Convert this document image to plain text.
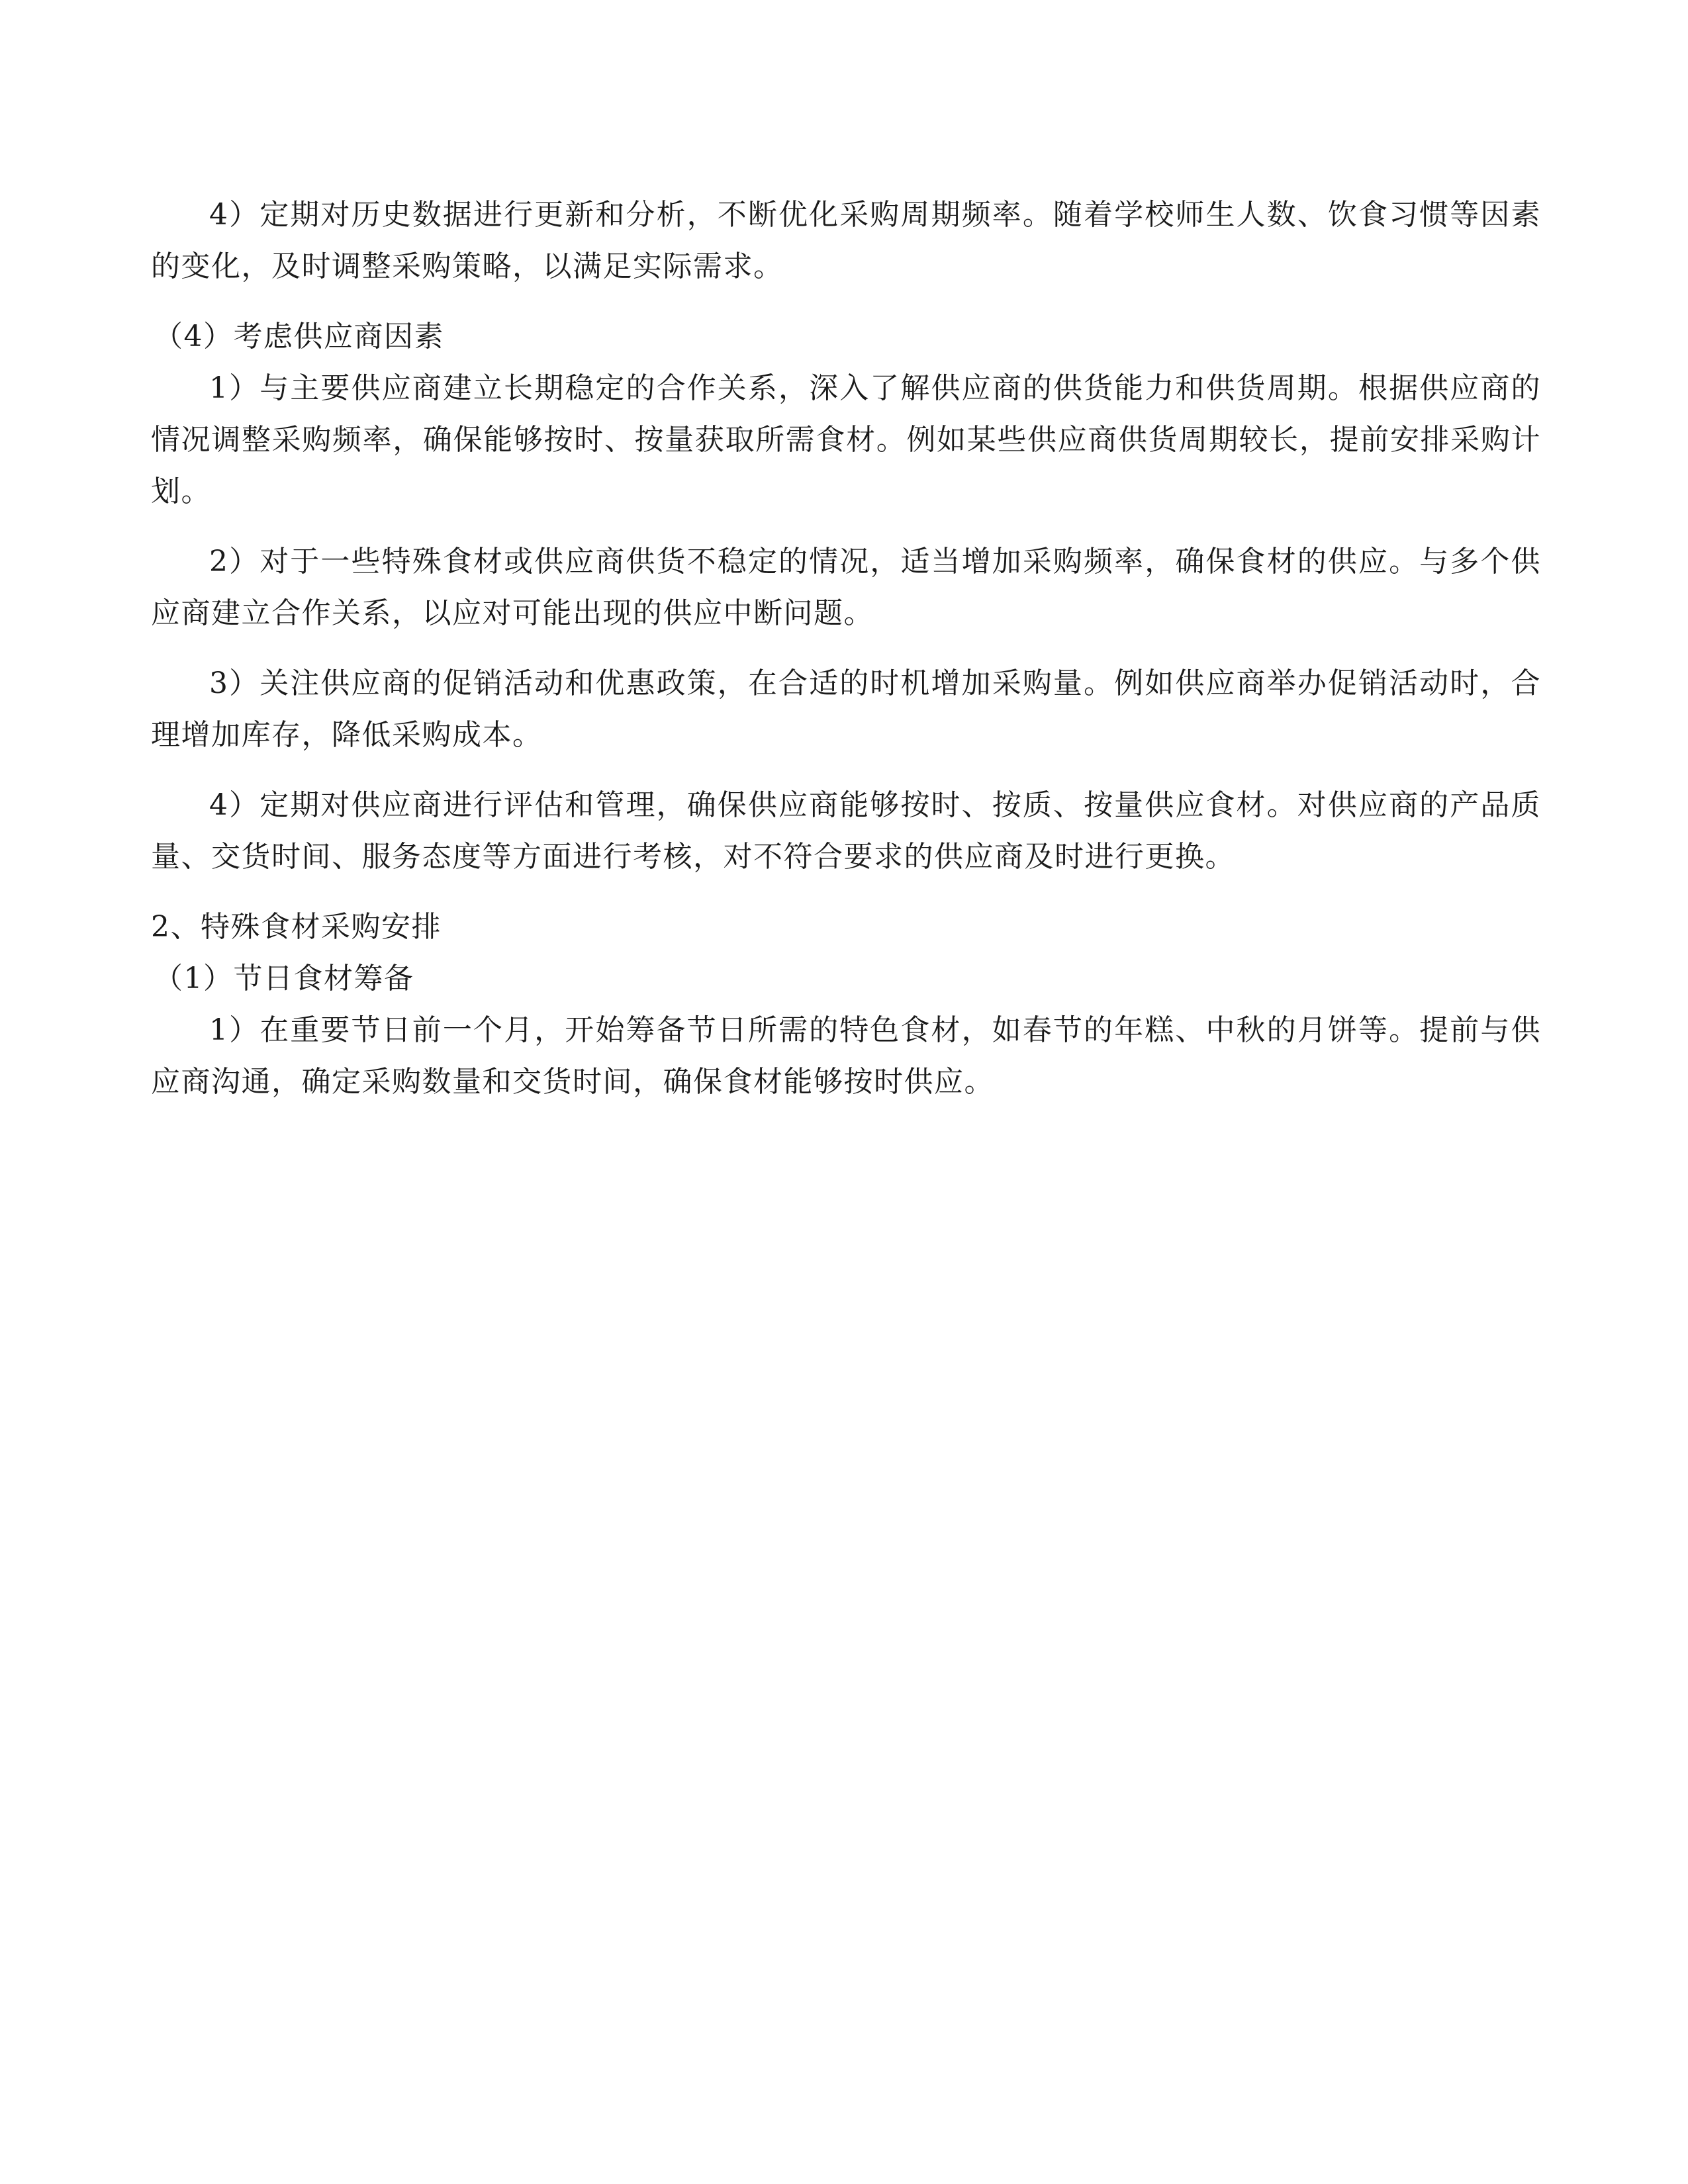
4）定期对历史数据进行更新和分析，不断优化采购周期频率。随着学校师生人数、饮食习惯等因素的变化，及时调整采购策略，以满足实际需求。

（4）考虑供应商因素

1）与主要供应商建立长期稳定的合作关系，深入了解供应商的供货能力和供货周期。根据供应商的情况调整采购频率，确保能够按时、按量获取所需食材。例如某些供应商供货周期较长，提前安排采购计划。

2）对于一些特殊食材或供应商供货不稳定的情况，适当增加采购频率，确保食材的供应。与多个供应商建立合作关系，以应对可能出现的供应中断问题。

3）关注供应商的促销活动和优惠政策，在合适的时机增加采购量。例如供应商举办促销活动时，合理增加库存，降低采购成本。

4）定期对供应商进行评估和管理，确保供应商能够按时、按质、按量供应食材。对供应商的产品质量、交货时间、服务态度等方面进行考核，对不符合要求的供应商及时进行更换。

2、特殊食材采购安排

（1）节日食材筹备

1）在重要节日前一个月，开始筹备节日所需的特色食材，如春节的年糕、中秋的月饼等。提前与供应商沟通，确定采购数量和交货时间，确保食材能够按时供应。
